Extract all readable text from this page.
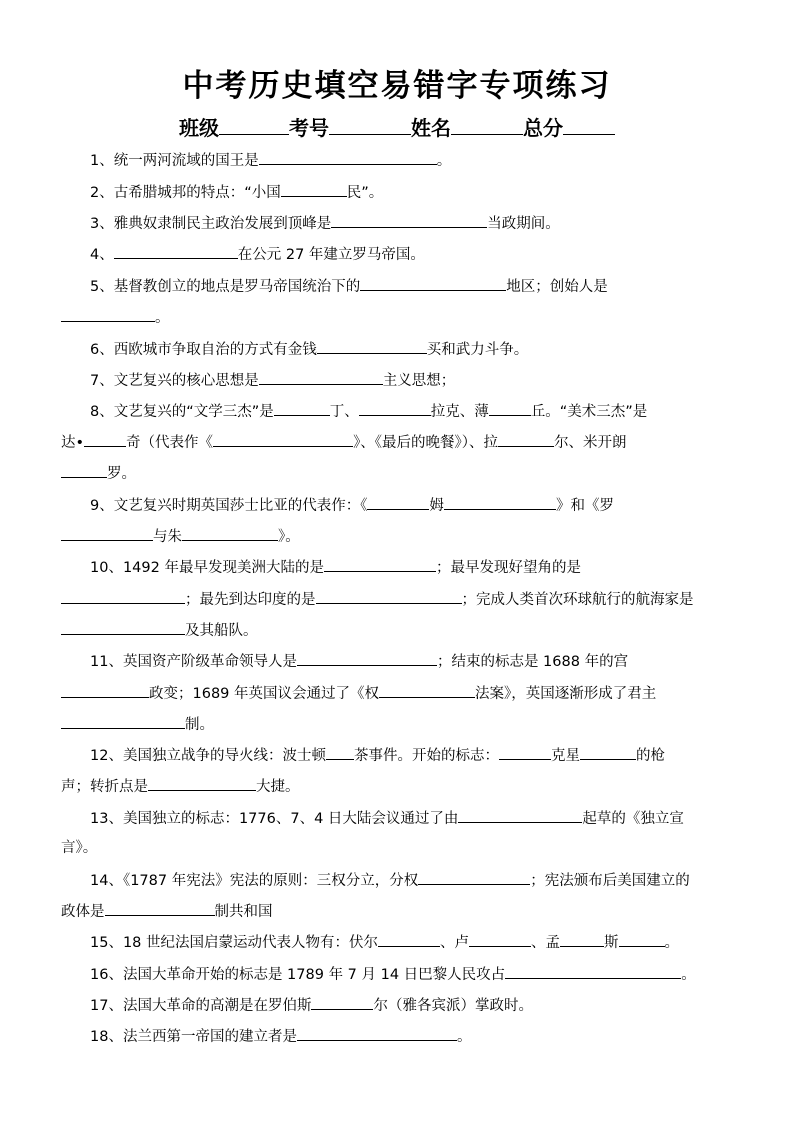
中考历史填空易错字专项练习
班级	考号	姓名	总分
1、统一两河流域的国王是	。
2、古希腊城邦的特点：“小国	民”。
3、雅典奴隶制民主政治发展到顶峰是	当政期间。
4、	在公元 27 年建立罗马帝国。
5、基督教创立的地点是罗马帝国统治下的	地区；创始人是
。
6、西欧城市争取自治的方式有金钱	买和武力斗争。
7、文艺复兴的核心思想是	主义思想；
8、文艺复兴的“文学三杰”是	丁、	拉克、薄	丘。“美术三杰”是
达•	奇（代表作《	》、《最后的晚餐》）、拉	尔、米开朗
罗。
9、文艺复兴时期英国莎士比亚的代表作：《	姆	》和《罗
与朱	》。
10、1492 年最早发现美洲大陆的是	；最早发现好望角的是
；最先到达印度的是	；完成人类首次环球航行的航海家是
及其船队。
11、英国资产阶级革命领导人是	；结束的标志是 1688 年的宫
政变；1689 年英国议会通过了《权	法案》，英国逐渐形成了君主
制。
12、美国独立战争的导火线：波士顿 茶事件。开始的标志：	克星	的枪
声；转折点是	大捷。
13、美国独立的标志：1776、7、4 日大陆会议通过了由	起草的《独立宣
言》。
14、《1787 年宪法》宪法的原则：三权分立，分权	；宪法颁布后美国建立的
政体是	制共和国
15、18 世纪法国启蒙运动代表人物有：伏尔	、卢	、孟	斯	。
16、法国大革命开始的标志是 1789 年 7 月 14 日巴黎人民攻占	。
17、法国大革命的高潮是在罗伯斯	尔（雅各宾派）掌政时。
18、法兰西第一帝国的建立者是	。
